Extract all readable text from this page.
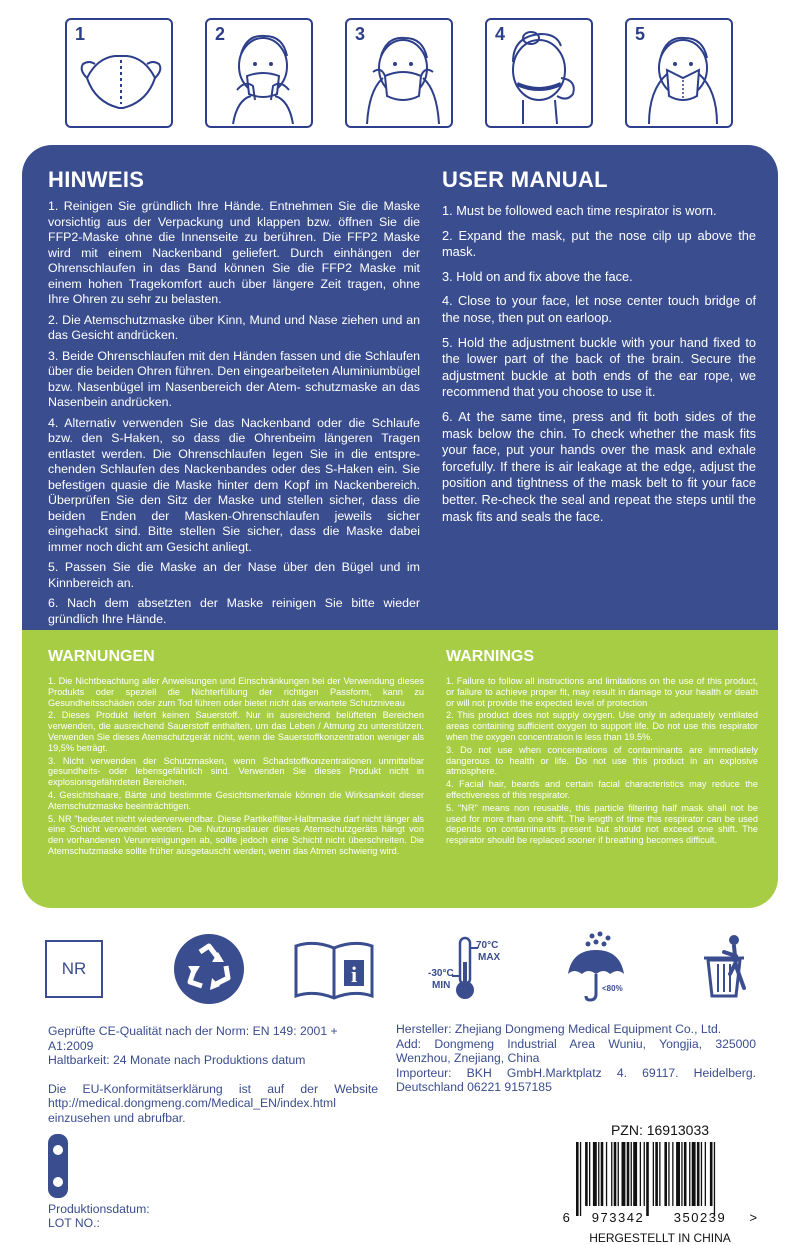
1	2	3	4	5
HINWEIS

1. Reinigen Sie gründlich Ihre Hände. Entnehmen Sie die Maske vorsichtig aus der Verpackung und klappen bzw. öffnen Sie die FFP2-Maske ohne die Innenseite zu berühren. Die FFP2 Maske wird mit einem Nackenband geliefert. Durch einhängen der Ohrenschlaufen in das Band können Sie die FFP2 Maske mit einem hohen Tragekomfort auch über längere Zeit tragen, ohne Ihre Ohren zu sehr zu belasten.

2. Die Atemschutzmaske über Kinn, Mund und Nase ziehen und an das Gesicht andrücken.

3. Beide Ohrenschlaufen mit den Händen fassen und die Schlaufen über die beiden Ohren führen. Den eingearbeiteten Aluminiumbügel bzw. Nasenbügel im Nasenbereich der Atem- schutzmaske an das Nasenbein andrücken.

4. Alternativ verwenden Sie das Nackenband oder die Schlaufe bzw. den S-Haken, so dass die Ohrenbeim längeren Tragen entlastet werden. Die Ohrenschlaufen legen Sie in die entspre- chenden Schlaufen des Nackenbandes oder des S-Haken ein. Sie befestigen quasie die Maske hinter dem Kopf im Nackenbereich. Überprüfen Sie den Sitz der Maske und stellen sicher, dass die beiden Enden der Masken-Ohrenschlaufen jeweils sicher eingehackt sind. Bitte stellen Sie sicher, dass die Maske dabei immer noch dicht am Gesicht anliegt.

5. Passen Sie die Maske an der Nase über den Bügel und im Kinnbereich an.

6. Nach dem absetzten der Maske reinigen Sie bitte wieder gründlich Ihre Hände.

USER MANUAL

1. Must be followed each time respirator is worn.

2. Expand the mask, put the nose cilp up above the mask.

3. Hold on and fix above the face.

4. Close to your face, let nose center touch bridge of the nose, then put on earloop.

5. Hold the adjustment buckle with your hand fixed to the lower part of the back of the brain. Secure the adjustment buckle at both ends of the ear rope, we recommend that you choose to use it.

6. At the same time, press and fit both sides of the mask below the chin. To check whether the mask fits your face, put your hands over the mask and exhale forcefully. If there is air leakage at the edge, adjust the position and tightness of the mask belt to fit your face better. Re-check the seal and repeat the steps until the mask fits and seals the face.

WARNUNGEN

1. Die Nichtbeachtung aller Anweisungen und Einschränkungen bei der Verwendung dieses Produkts oder speziell die Nichterfüllung der richtigen Passform, kann zu Gesundheitsschäden oder zum Tod führen oder bietet nicht das erwartete Schutzniveau

2. Dieses Produkt liefert keinen Sauerstoff. Nur in ausreichend belüfteten Bereichen verwenden, die ausreichend Sauerstoff enthalten, um das Leben / Atmung zu unterstützen. Verwenden Sie dieses Atemschutzgerät nicht, wenn die Sauerstoffkonzentration weniger als 19,5% beträgt.

3. Nicht verwenden der Schutzmasken, wenn Schadstoffkonzentrationen unmittelbar gesundheits- oder lebensgefährlich sind. Verwenden Sie dieses Produkt nicht in explosionsgefährdeten Bereichen.

4. Gesichtshaare, Bärte und bestimmte Gesichtsmerkmale können die Wirksamkeit dieser Atemschutzmaske beeinträchtigen.

5. NR "bedeutet nicht wiederverwendbar. Diese Partikelfilter-Halbmaske darf nicht länger als eine Schicht verwendet werden. Die Nutzungsdauer dieses Atemschutzgeräts hängt von den vorhandenen Verunreinigungen ab, sollte jedoch eine Schicht nicht überschreiten. Die Atemschutzmaske sollte früher ausgetauscht werden, wenn das Atmen schwierig wird.

WARNINGS

1. Failure to follow all instructions and limitations on the use of this product, or failure to achieve proper fit, may result in damage to your health or death or will not provide the expected level of protection

2. This product does not supply oxygen. Use only in adequately ventilated areas containing sufficient oxygen to support life. Do not use this respirator when the oxygen concentration is less than 19.5%.

3. Do not use when concentrations of contaminants are immediately dangerous to health or life. Do not use this product in an explosive atmosphere.

4. Facial hair, beards and certain facial characteristics may reduce the effectiveness of this respirator.

5. "NR" means non reusable, this particle filtering half mask shall not be used for more than one shift. The length of time this respirator can be used depends on contaminants present but should not exceed one shift. The respirator should be replaced sooner if breathing becomes difficult.

NR	i
70°C
MAX
-30°C
MIN	<80%
Geprüfte CE-Qualität nach der Norm: EN 149: 2001 + A1:2009
Haltbarkeit: 24 Monate nach Produktions datum
Die EU-Konformitätserklärung ist auf der Website
http://medical.dongmeng.com/Medical_EN/index.html
einzusehen und abrufbar.
Hersteller: Zhejiang Dongmeng Medical Equipment Co., Ltd.
Add: Dongmeng Industrial Area Wuniu, Yongjia, 325000
Wenzhou, Znejiang, China
Importeur: BKH GmbH.Marktplatz 4. 69117. Heidelberg.
Deutschland 06221 9157185
Produktionsdatum:
LOT NO.:
PZN: 16913033
6 973342 350239 >
HERGESTELLT IN CHINA
